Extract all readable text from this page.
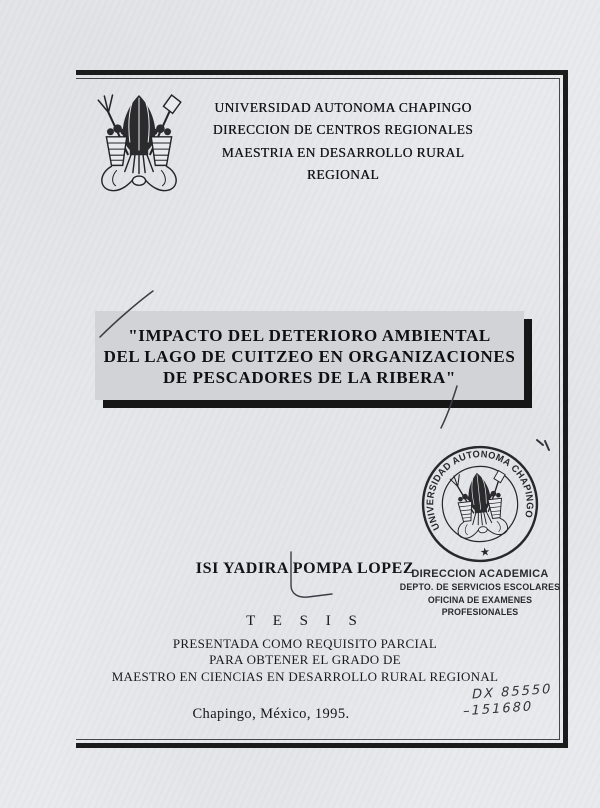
UNIVERSIDAD AUTONOMA CHAPINGO
DIRECCION DE CENTROS REGIONALES
MAESTRIA EN DESARROLLO RURAL REGIONAL
"IMPACTO DEL DETERIORO AMBIENTAL
DEL LAGO DE CUITZEO EN ORGANIZACIONES
DE PESCADORES DE LA RIBERA"
UNIVERSIDAD AUTONOMA CHAPINGO
★
DIRECCION ACADEMICA
DEPTO. DE SERVICIOS ESCOLARES
OFICINA DE EXAMENES PROFESIONALES
ISI YADIRA POMPA LOPEZ
T E S I S
PRESENTADA COMO REQUISITO PARCIAL
PARA OBTENER EL GRADO DE
MAESTRO EN CIENCIAS EN DESARROLLO RURAL REGIONAL
Chapingo, México, 1995.
DX 85550
–151680
